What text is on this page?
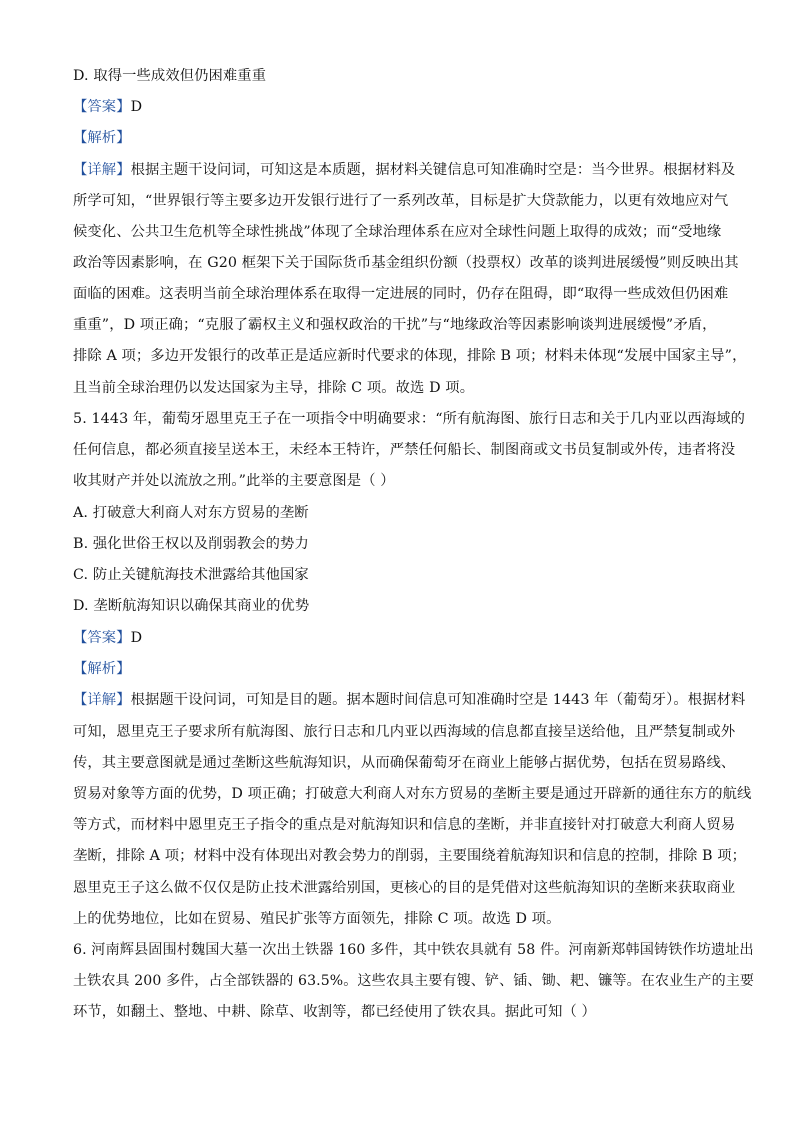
D. 取得一些成效但仍困难重重
【答案】D
【解析】
【详解】根据主题干设问词，可知这是本质题，据材料关键信息可知准确时空是：当今世界。根据材料及
所学可知，“世界银行等主要多边开发银行进行了一系列改革，目标是扩大贷款能力，以更有效地应对气
候变化、公共卫生危机等全球性挑战”体现了全球治理体系在应对全球性问题上取得的成效；而“受地缘
政治等因素影响，在 G20 框架下关于国际货币基金组织份额（投票权）改革的谈判进展缓慢”则反映出其
面临的困难。这表明当前全球治理体系在取得一定进展的同时，仍存在阻碍，即“取得一些成效但仍困难
重重”，D 项正确；“克服了霸权主义和强权政治的干扰”与“地缘政治等因素影响谈判进展缓慢”矛盾，
排除 A 项；多边开发银行的改革正是适应新时代要求的体现，排除 B 项；材料未体现“发展中国家主导”，
且当前全球治理仍以发达国家为主导，排除 C 项。故选 D 项。
5. 1443 年，葡萄牙恩里克王子在一项指令中明确要求：“所有航海图、旅行日志和关于几内亚以西海域的
任何信息，都必须直接呈送本王，未经本王特许，严禁任何船长、制图商或文书员复制或外传，违者将没
收其财产并处以流放之刑。”此举的主要意图是（ ）
A. 打破意大利商人对东方贸易的垄断
B. 强化世俗王权以及削弱教会的势力
C. 防止关键航海技术泄露给其他国家
D. 垄断航海知识以确保其商业的优势
【答案】D
【解析】
【详解】根据题干设问词，可知是目的题。据本题时间信息可知准确时空是 1443 年（葡萄牙）。根据材料
可知，恩里克王子要求所有航海图、旅行日志和几内亚以西海域的信息都直接呈送给他，且严禁复制或外
传，其主要意图就是通过垄断这些航海知识，从而确保葡萄牙在商业上能够占据优势，包括在贸易路线、
贸易对象等方面的优势，D 项正确；打破意大利商人对东方贸易的垄断主要是通过开辟新的通往东方的航线
等方式，而材料中恩里克王子指令的重点是对航海知识和信息的垄断，并非直接针对打破意大利商人贸易
垄断，排除 A 项；材料中没有体现出对教会势力的削弱，主要围绕着航海知识和信息的控制，排除 B 项；
恩里克王子这么做不仅仅是防止技术泄露给别国，更核心的目的是凭借对这些航海知识的垄断来获取商业
上的优势地位，比如在贸易、殖民扩张等方面领先，排除 C 项。故选 D 项。
6. 河南辉县固围村魏国大墓一次出土铁器 160 多件，其中铁农具就有 58 件。河南新郑韩国铸铁作坊遗址出
土铁农具 200 多件，占全部铁器的 63.5%。这些农具主要有锼、铲、锸、锄、耙、镰等。在农业生产的主要
环节，如翻土、整地、中耕、除草、收割等，都已经使用了铁农具。据此可知（ ）
